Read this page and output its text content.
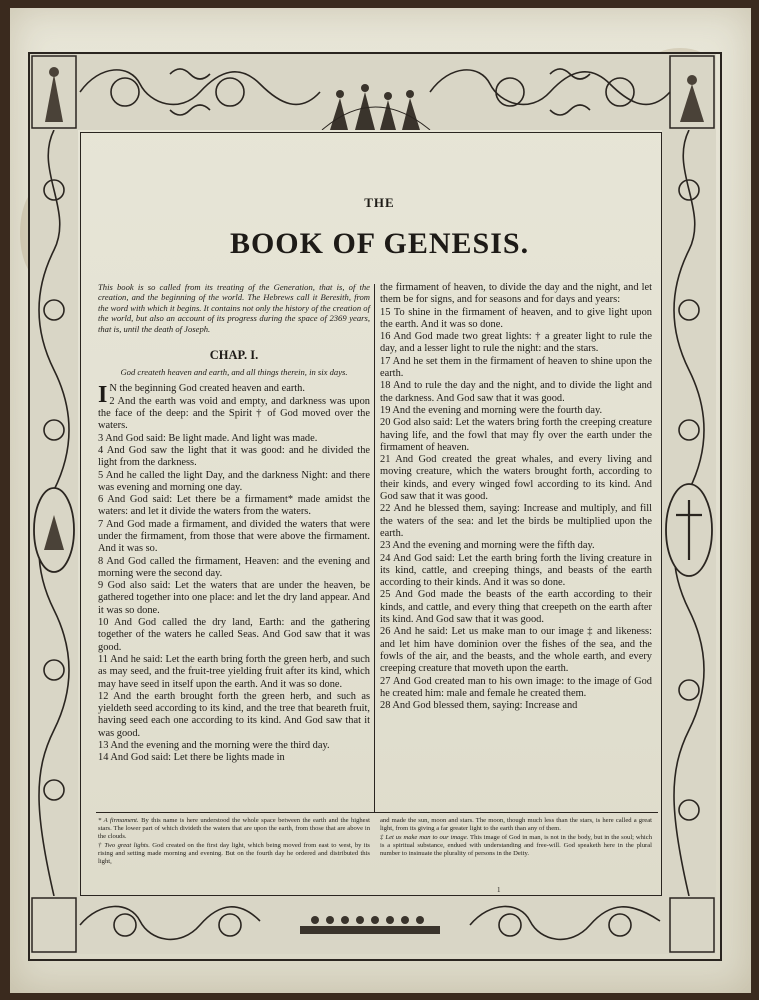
THE
BOOK OF GENESIS.
This book is so called from its treating of the Generation, that is, of the creation, and the beginning of the world. The Hebrews call it Beresith, from the word with which it begins. It contains not only the history of the creation of the world, but also an account of its progress during the space of 2369 years, that is, until the death of Joseph.
CHAP. I.
God createth heaven and earth, and all things therein, in six days.
I N the beginning God created heaven and earth.
2 And the earth was void and empty, and darkness was upon the face of the deep: and the Spirit † of God moved over the waters.
3 And God said: Be light made. And light was made.
4 And God saw the light that it was good: and he divided the light from the darkness.
5 And he called the light Day, and the darkness Night: and there was evening and morning one day.
6 And God said: Let there be a firmament* made amidst the waters: and let it divide the waters from the waters.
7 And God made a firmament, and divided the waters that were under the firmament, from those that were above the firmament. And it was so.
8 And God called the firmament, Heaven: and the evening and morning were the second day.
9 God also said: Let the waters that are under the heaven, be gathered together into one place: and let the dry land appear. And it was so done.
10 And God called the dry land, Earth: and the gathering together of the waters he called Seas. And God saw that it was good.
11 And he said: Let the earth bring forth the green herb, and such as may seed, and the fruit-tree yielding fruit after its kind, which may have seed in itself upon the earth. And it was so done.
12 And the earth brought forth the green herb, and such as yieldeth seed according to its kind, and the tree that beareth fruit, having seed each one according to its kind. And God saw that it was good.
13 And the evening and the morning were the third day.
14 And God said: Let there be lights made in
the firmament of heaven, to divide the day and the night, and let them be for signs, and for seasons and for days and years:
15 To shine in the firmament of heaven, and to give light upon the earth. And it was so done.
16 And God made two great lights: † a greater light to rule the day, and a lesser light to rule the night: and the stars.
17 And he set them in the firmament of heaven to shine upon the earth.
18 And to rule the day and the night, and to divide the light and the darkness. And God saw that it was good.
19 And the evening and morning were the fourth day.
20 God also said: Let the waters bring forth the creeping creature having life, and the fowl that may fly over the earth under the firmament of heaven.
21 And God created the great whales, and every living and moving creature, which the waters brought forth, according to their kinds, and every winged fowl according to its kind. And God saw that it was good.
22 And he blessed them, saying: Increase and multiply, and fill the waters of the sea: and let the birds be multiplied upon the earth.
23 And the evening and morning were the fifth day.
24 And God said: Let the earth bring forth the living creature in its kind, cattle, and creeping things, and beasts of the earth according to their kinds. And it was so done.
25 And God made the beasts of the earth according to their kinds, and cattle, and every thing that creepeth on the earth after its kind. And God saw that it was good.
26 And he said: Let us make man to our image ‡ and likeness: and let him have dominion over the fishes of the sea, and the fowls of the air, and the beasts, and the whole earth, and every creeping creature that moveth upon the earth.
27 And God created man to his own image: to the image of God he created him: male and female he created them.
28 And God blessed them, saying: Increase and

* A firmament. By this name is here understood the whole space between the earth and the highest stars. The lower part of which divideth the waters that are upon the earth, from those that are above in the clouds.

† Two great lights. God created on the first day light, which being moved from east to west, by its rising and setting made morning and evening. But on the fourth day he ordered and distributed this light,

and made the sun, moon and stars. The moon, though much less than the stars, is here called a great light, from its giving a far greater light to the earth than any of them.

‡ Let us make man to our image. This image of God in man, is not in the body, but in the soul; which is a spiritual substance, endued with understanding and free-will. God speaketh here in the plural number to insinuate the plurality of persons in the Deity.

1
